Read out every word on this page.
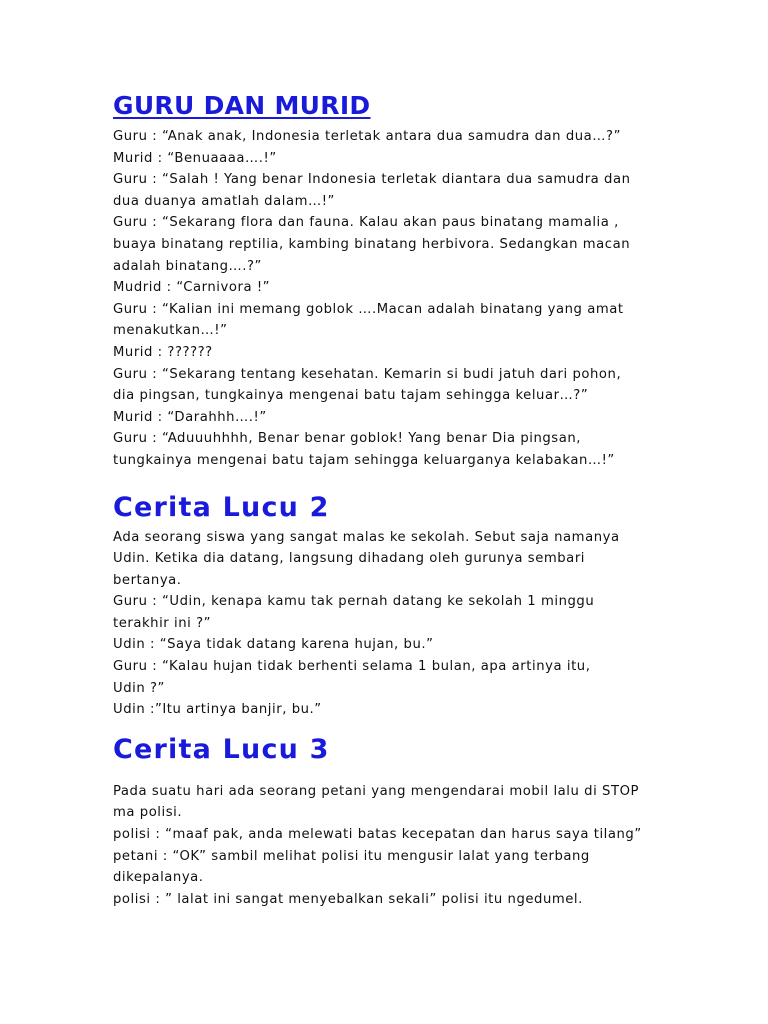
GURU DAN MURID
Guru : “Anak anak, Indonesia terletak antara dua samudra dan dua…?”
Murid : “Benuaaaa….!”
Guru : “Salah ! Yang benar Indonesia terletak diantara dua samudra dan
dua duanya amatlah dalam…!”
Guru : “Sekarang flora dan fauna. Kalau akan paus binatang mamalia ,
buaya binatang reptilia, kambing binatang herbivora. Sedangkan macan
adalah binatang….?”
Mudrid : “Carnivora !”
Guru : “Kalian ini memang goblok ….Macan adalah binatang yang amat
menakutkan…!”
Murid : ??????
Guru : “Sekarang tentang kesehatan. Kemarin si budi jatuh dari pohon,
dia pingsan, tungkainya mengenai batu tajam sehingga keluar…?”
Murid : “Darahhh….!”
Guru : “Aduuuhhhh, Benar benar goblok! Yang benar Dia pingsan,
tungkainya mengenai batu tajam sehingga keluarganya kelabakan…!”
Cerita Lucu 2
Ada seorang siswa yang sangat malas ke sekolah. Sebut saja namanya
Udin. Ketika dia datang, langsung dihadang oleh gurunya sembari
bertanya.
Guru : “Udin, kenapa kamu tak pernah datang ke sekolah 1 minggu
terakhir ini ?”
Udin : “Saya tidak datang karena hujan, bu.”
Guru : “Kalau hujan tidak berhenti selama 1 bulan, apa artinya itu,
Udin ?”
Udin :”Itu artinya banjir, bu.”
Cerita Lucu 3
Pada suatu hari ada seorang petani yang mengendarai mobil lalu di STOP
ma polisi.
polisi : “maaf pak, anda melewati batas kecepatan dan harus saya tilang”
petani : “OK” sambil melihat polisi itu mengusir lalat yang terbang
dikepalanya.
polisi : ” lalat ini sangat menyebalkan sekali” polisi itu ngedumel.
